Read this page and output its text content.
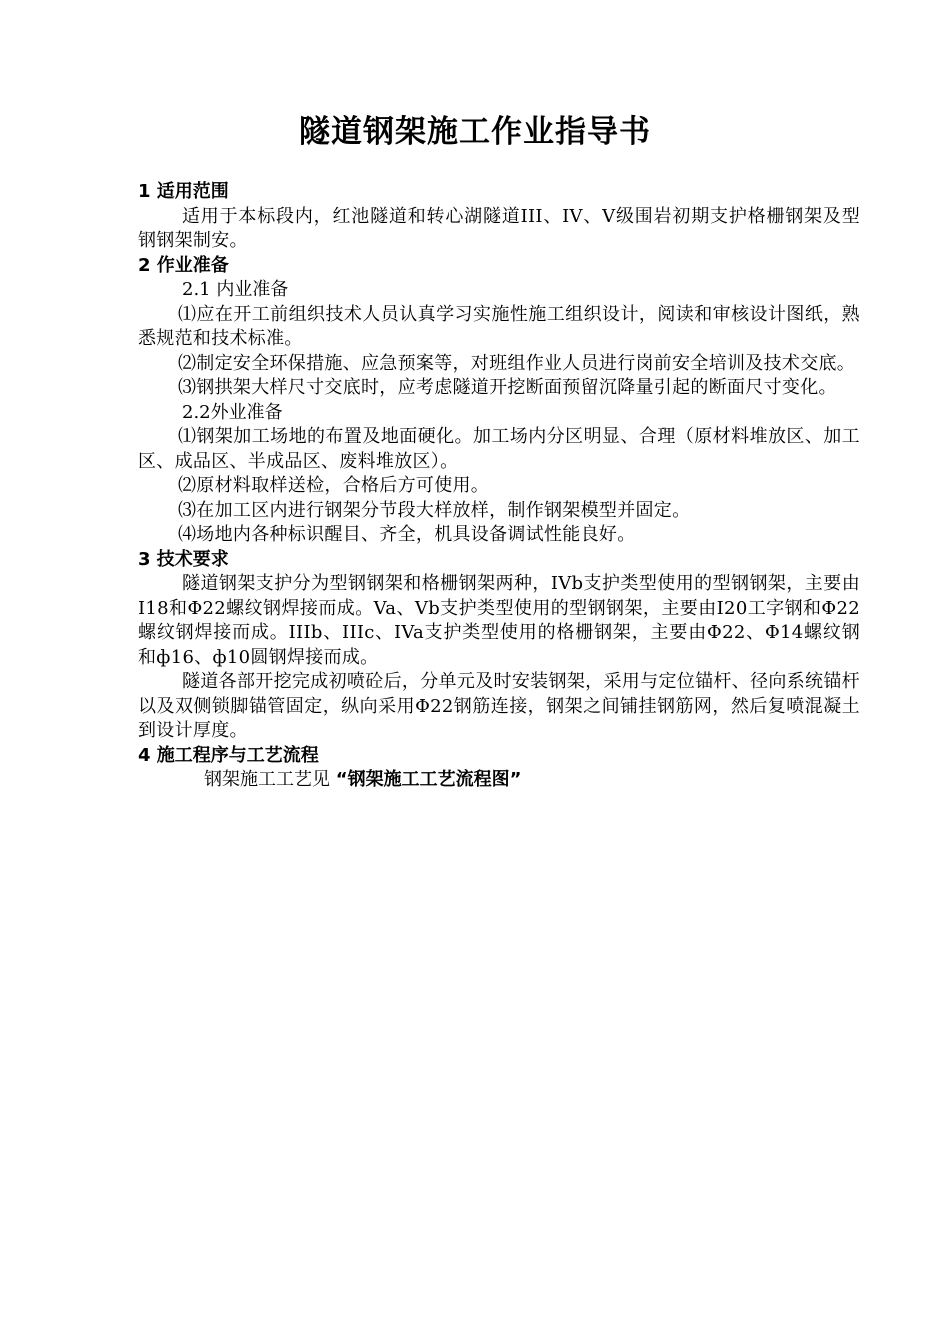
隧道钢架施工作业指导书

1 适用范围

适用于本标段内，红池隧道和转心湖隧道III、IV、V级围岩初期支护格栅钢架及型钢钢架制安。

2 作业准备

2.1 内业准备

⑴应在开工前组织技术人员认真学习实施性施工组织设计，阅读和审核设计图纸，熟悉规范和技术标准。

⑵制定安全环保措施、应急预案等，对班组作业人员进行岗前安全培训及技术交底。

⑶钢拱架大样尺寸交底时，应考虑隧道开挖断面预留沉降量引起的断面尺寸变化。

2.2外业准备

⑴钢架加工场地的布置及地面硬化。加工场内分区明显、合理（原材料堆放区、加工区、成品区、半成品区、废料堆放区）。

⑵原材料取样送检，合格后方可使用。

⑶在加工区内进行钢架分节段大样放样，制作钢架模型并固定。

⑷场地内各种标识醒目、齐全，机具设备调试性能良好。

3 技术要求

隧道钢架支护分为型钢钢架和格栅钢架两种，IVb支护类型使用的型钢钢架，主要由I18和Φ22螺纹钢焊接而成。Va、Vb支护类型使用的型钢钢架，主要由I20工字钢和Φ22螺纹钢焊接而成。IIIb、IIIc、IVa支护类型使用的格栅钢架，主要由Φ22、Φ14螺纹钢和ф16、ф10圆钢焊接而成。

隧道各部开挖完成初喷砼后，分单元及时安装钢架，采用与定位锚杆、径向系统锚杆以及双侧锁脚锚管固定，纵向采用Φ22钢筋连接，钢架之间铺挂钢筋网，然后复喷混凝土到设计厚度。

4 施工程序与工艺流程

钢架施工工艺见 “钢架施工工艺流程图”
